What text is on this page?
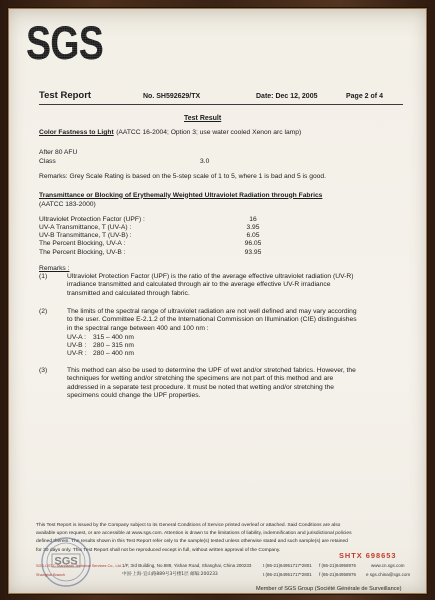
SGS
Test Report	No. SH592629/TX	Date: Dec 12, 2005	Page 2 of 4
Test Result
Color Fastness to Light (AATCC 16-2004; Option 3; use water cooled Xenon arc lamp)
After 80 AFU
Class	3.0
Remarks: Grey Scale Rating is based on the 5-step scale of 1 to 5, where 1 is bad and 5 is good.
Transmittance or Blocking of Erythemally Weighted Ultraviolet Radiation through Fabrics
(AATCC 183-2000)
Ultraviolet Protection Factor (UPF) :	16
UV-A Transmittance, T (UV-A) :	3.95
UV-B Transmittance, T (UV-B) :	6.05
The Percent Blocking, UV-A :	96.05
The Percent Blocking, UV-B :	93.95
Remarks :
(1)	Ultraviolet Protection Factor (UPF) is the ratio of the average effective ultraviolet radiation (UV-R)
irradiance transmitted and calculated through air to the average effective UV-R irradiance
transmitted and calculated through fabric.
(2)	The limits of the spectral range of ultraviolet radiation are not well defined and may vary according
to the user. Committee E-2.1.2 of the International Commission on Illumination (CIE) distinguishes
in the spectral range between 400 and 100 nm :
UV-A : 315 – 400 nm
UV-B : 280 – 315 nm
UV-R : 280 – 400 nm
(3)	This method can also be used to determine the UPF of wet and/or stretched fabrics. However, the
techniques for wetting and/or stretching the specimens are not part of this method and are
addressed in a separate test procedure. It must be noted that wetting and/or stretching the
specimens could change the UPF properties.
This Test Report is issued by the Company subject to its General Conditions of Service printed overleaf or attached. Said Conditions are also
available upon request, or are accessible at www.sgs.com. Attention is drawn to the limitations of liability, indemnification and jurisdictional policies
defined therein. The results shown in this Test Report refer only to the sample(s) tested unless otherwise stated and such sample(s) are retained
for 30 days only. This Test Report shall not be reproduced except in full, without written approval of the Company.
SGS	SHTX 698653
SGS-CSTC Standards Technical Services Co., Ltd.
Shanghai Branch
1/F, 3rd Building, No.889, Yishan Road, Shanghai, China 200233
中国·上海·宜山路889号3号楼1层 邮编:200233
t (86-21)64951717*2801
t (86-21)64951717*2801
f (86-21)64958976
f (86-21)64958976
www.cn.sgs.com
e sgs.china@sgs.com
Member of SGS Group (Société Générale de Surveillance)
